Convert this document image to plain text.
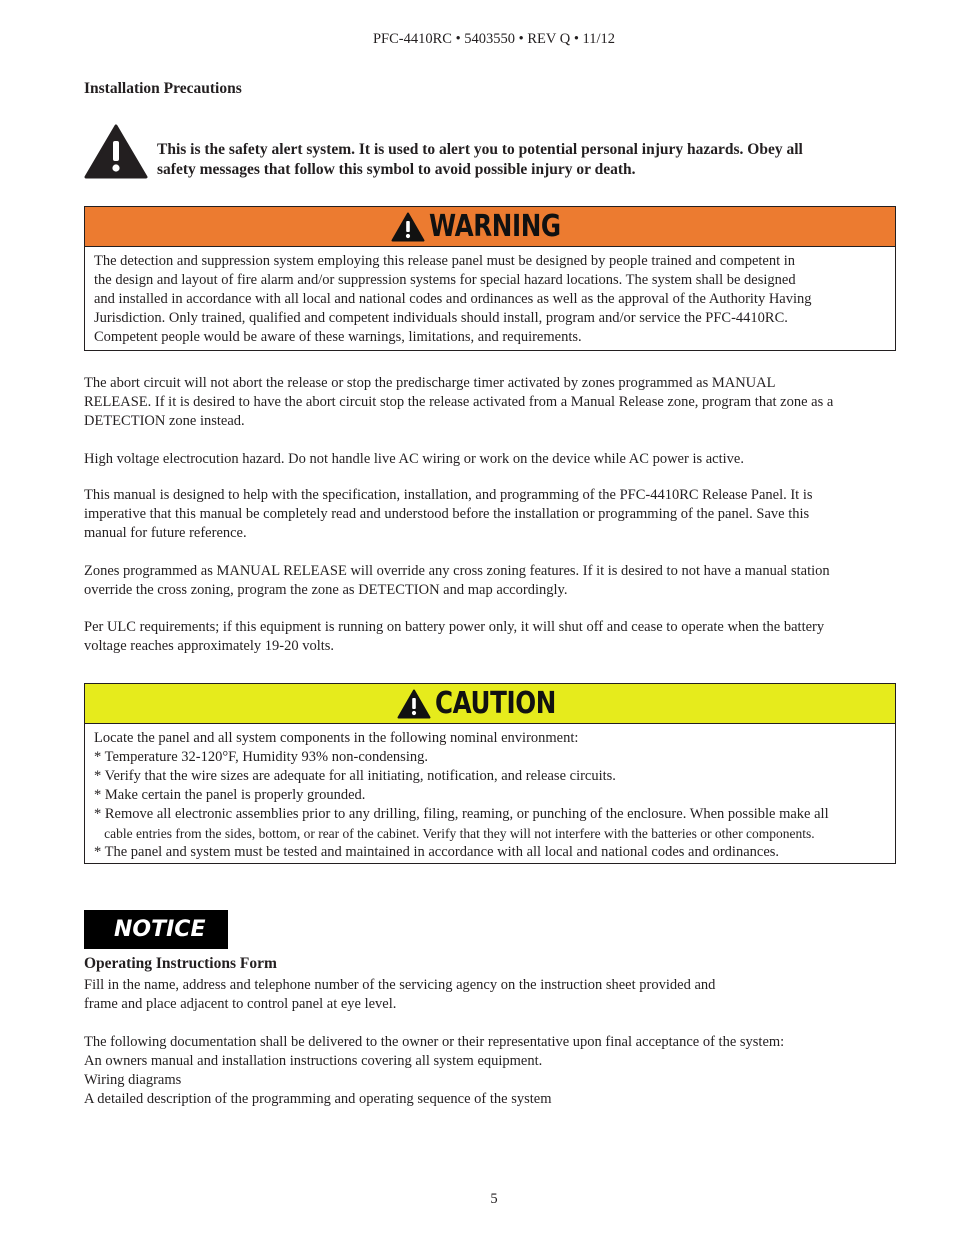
PFC-4410RC • 5403550 • REV Q • 11/12
Installation Precautions
This is the safety alert system. It is used to alert you to potential personal injury hazards. Obey all
safety messages that follow this symbol to avoid possible injury or death.
WARNING

The detection and suppression system employing this release panel must be designed by people trained and competent in

the design and layout of fire alarm and/or suppression systems for special hazard locations. The system shall be designed

and installed in accordance with all local and national codes and ordinances as well as the approval of the Authority Having

Jurisdiction. Only trained, qualified and competent individuals should install, program and/or service the PFC-4410RC.

Competent people would be aware of these warnings, limitations, and requirements.

The abort circuit will not abort the release or stop the predischarge timer activated by zones programmed as MANUAL
RELEASE. If it is desired to have the abort circuit stop the release activated from a Manual Release zone, program that zone as a
DETECTION zone instead.
High voltage electrocution hazard. Do not handle live AC wiring or work on the device while AC power is active.
This manual is designed to help with the specification, installation, and programming of the PFC-4410RC Release Panel. It is
imperative that this manual be completely read and understood before the installation or programming of the panel. Save this
manual for future reference.
Zones programmed as MANUAL RELEASE will override any cross zoning features. If it is desired to not have a manual station
override the cross zoning, program the zone as DETECTION and map accordingly.
Per ULC requirements; if this equipment is running on battery power only, it will shut off and cease to operate when the battery
voltage reaches approximately 19-20 volts.
CAUTION

Locate the panel and all system components in the following nominal environment:

* Temperature 32-120°F, Humidity 93% non-condensing.

* Verify that the wire sizes are adequate for all initiating, notification, and release circuits.

* Make certain the panel is properly grounded.

* Remove all electronic assemblies prior to any drilling, filing, reaming, or punching of the enclosure. When possible make all

cable entries from the sides, bottom, or rear of the cabinet. Verify that they will not interfere with the batteries or other components.

* The panel and system must be tested and maintained in accordance with all local and national codes and ordinances.

NOTICE
Operating Instructions Form
Fill in the name, address and telephone number of the servicing agency on the instruction sheet provided and
frame and place adjacent to control panel at eye level.
The following documentation shall be delivered to the owner or their representative upon final acceptance of the system:
An owners manual and installation instructions covering all system equipment.
Wiring diagrams
A detailed description of the programming and operating sequence of the system
5
